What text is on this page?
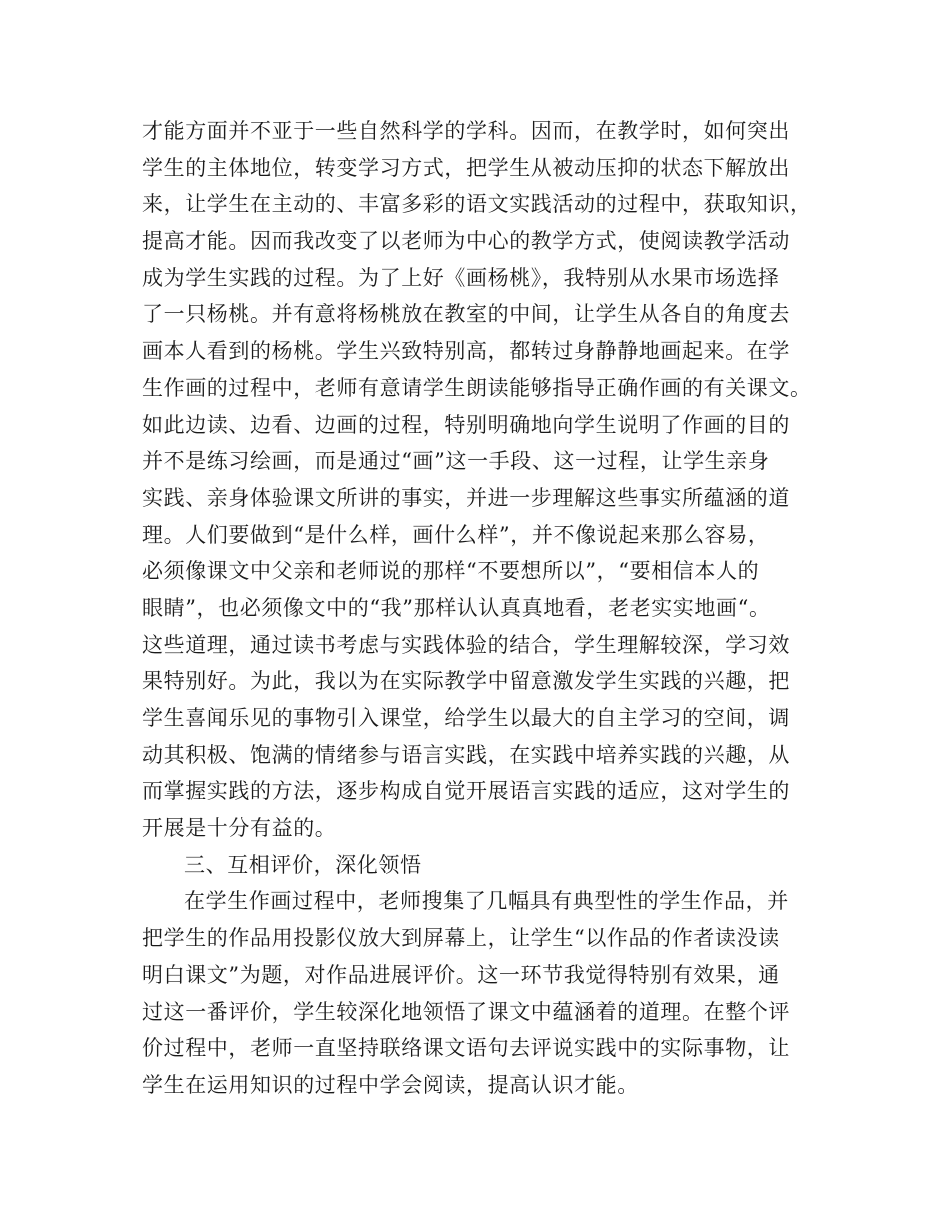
才能方面并不亚于一些自然科学的学科。因而，在教学时，如何突出
学生的主体地位，转变学习方式，把学生从被动压抑的状态下解放出
来，让学生在主动的、丰富多彩的语文实践活动的过程中，获取知识，
提高才能。因而我改变了以老师为中心的教学方式，使阅读教学活动
成为学生实践的过程。为了上好《画杨桃》，我特别从水果市场选择
了一只杨桃。并有意将杨桃放在教室的中间，让学生从各自的角度去
画本人看到的杨桃。学生兴致特别高，都转过身静静地画起来。在学
生作画的过程中，老师有意请学生朗读能够指导正确作画的有关课文。
如此边读、边看、边画的过程，特别明确地向学生说明了作画的目的
并不是练习绘画，而是通过“画”这一手段、这一过程，让学生亲身
实践、亲身体验课文所讲的事实，并进一步理解这些事实所蕴涵的道
理。人们要做到“是什么样，画什么样”，并不像说起来那么容易，
必须像课文中父亲和老师说的那样“不要想所以”，“要相信本人的
眼睛”，也必须像文中的“我”那样认认真真地看，老老实实地画“。
这些道理，通过读书考虑与实践体验的结合，学生理解较深，学习效
果特别好。为此，我以为在实际教学中留意激发学生实践的兴趣，把
学生喜闻乐见的事物引入课堂，给学生以最大的自主学习的空间，调
动其积极、饱满的情绪参与语言实践，在实践中培养实践的兴趣，从
而掌握实践的方法，逐步构成自觉开展语言实践的适应，这对学生的
开展是十分有益的。
三、互相评价，深化领悟
在学生作画过程中，老师搜集了几幅具有典型性的学生作品，并
把学生的作品用投影仪放大到屏幕上，让学生“以作品的作者读没读
明白课文”为题，对作品进展评价。这一环节我觉得特别有效果，通
过这一番评价，学生较深化地领悟了课文中蕴涵着的道理。在整个评
价过程中，老师一直坚持联络课文语句去评说实践中的实际事物，让
学生在运用知识的过程中学会阅读，提高认识才能。
